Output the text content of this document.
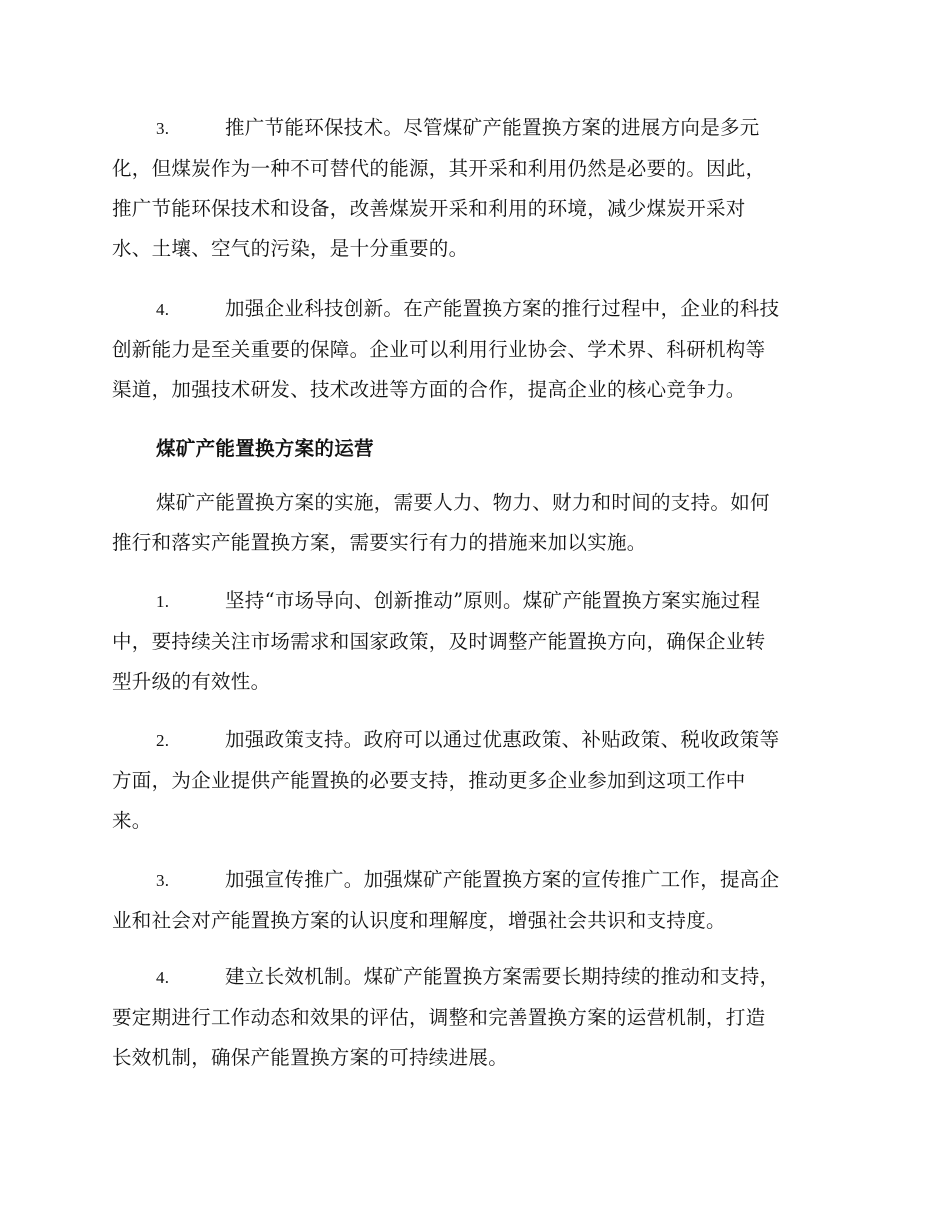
3.	推广节能环保技术。尽管煤矿产能置换方案的进展方向是多元
化，但煤炭作为一种不可替代的能源，其开采和利用仍然是必要的。因此，
推广节能环保技术和设备，改善煤炭开采和利用的环境，减少煤炭开采对
水、土壤、空气的污染，是十分重要的。
4.	加强企业科技创新。在产能置换方案的推行过程中，企业的科技
创新能力是至关重要的保障。企业可以利用行业协会、学术界、科研机构等
渠道，加强技术研发、技术改进等方面的合作，提高企业的核心竞争力。
煤矿产能置换方案的运营
煤矿产能置换方案的实施，需要人力、物力、财力和时间的支持。如何
推行和落实产能置换方案，需要实行有力的措施来加以实施。
1.	坚持“市场导向、创新推动”原则。煤矿产能置换方案实施过程
中，要持续关注市场需求和国家政策，及时调整产能置换方向，确保企业转
型升级的有效性。
2.	加强政策支持。政府可以通过优惠政策、补贴政策、税收政策等
方面，为企业提供产能置换的必要支持，推动更多企业参加到这项工作中
来。
3.	加强宣传推广。加强煤矿产能置换方案的宣传推广工作，提高企
业和社会对产能置换方案的认识度和理解度，增强社会共识和支持度。
4.	建立长效机制。煤矿产能置换方案需要长期持续的推动和支持，
要定期进行工作动态和效果的评估，调整和完善置换方案的运营机制，打造
长效机制，确保产能置换方案的可持续进展。
